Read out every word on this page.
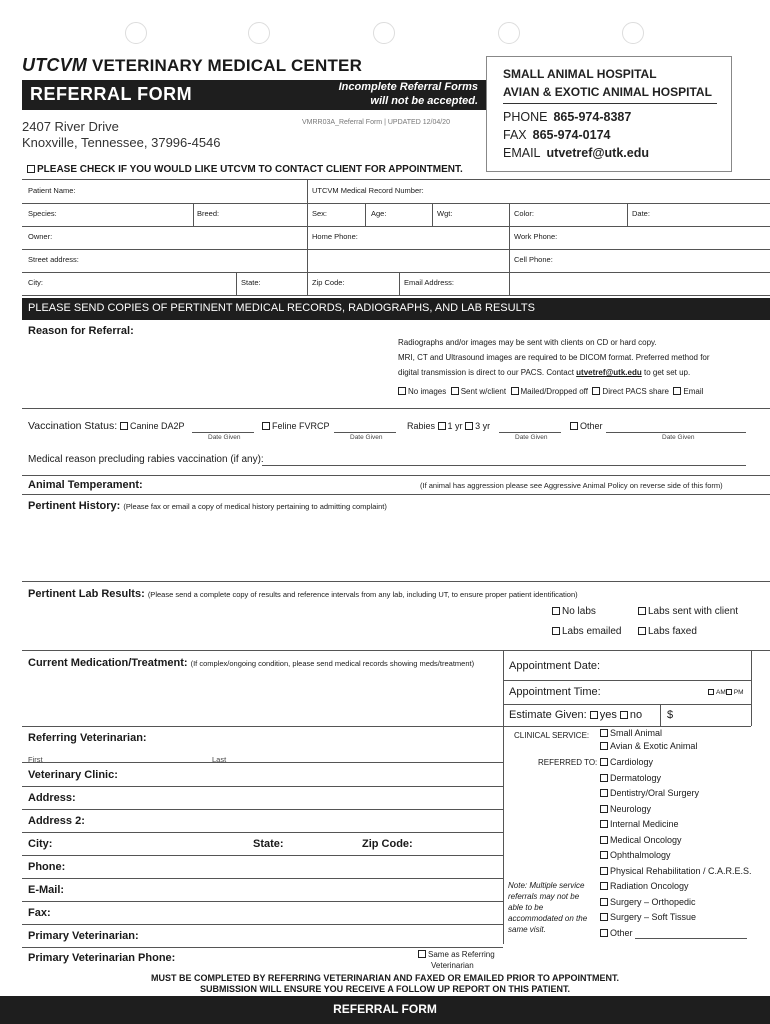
UTCVM VETERINARY MEDICAL CENTER
REFERRAL FORM	Incomplete Referral Forms
will not be accepted.
2407 River Drive
Knoxville, Tennessee, 37996-4546
VMRR03A_Referral Form | UPDATED 12/04/20
SMALL ANIMAL HOSPITAL
AVIAN & EXOTIC ANIMAL HOSPITAL
PHONE 865-974-8387
FAX 865-974-0174
EMAIL utvetref@utk.edu
PLEASE CHECK IF YOU WOULD LIKE UTCVM TO CONTACT CLIENT FOR APPOINTMENT.
Patient Name:	UTCVM Medical Record Number:
Species:	Breed:	Sex:	Age:	Wgt:	Color:	Date:
Owner:	Home Phone:	Work Phone:
Street address:	Cell Phone:
City:	State:	Zip Code:	Email Address:
PLEASE SEND COPIES OF PERTINENT MEDICAL RECORDS, RADIOGRAPHS, AND LAB RESULTS
Reason for Referral:
Radiographs and/or images may be sent with clients on CD or hard copy.
MRI, CT and Ultrasound images are required to be DICOM format. Preferred method for
digital transmission is direct to our PACS. Contact utvetref@utk.edu to get set up.
No images Sent w/client Mailed/Dropped off Direct PACS share Email
Vaccination Status:	Canine DA2P	Feline FVRCP	Rabies 1 yr 3 yr	Other
Date Given	Date Given	Date Given	Date Given
Medical reason precluding rabies vaccination (if any):
Animal Temperament:	(If animal has aggression please see Aggressive Animal Policy on reverse side of this form)
Pertinent History: (Please fax or email a copy of medical history pertaining to admitting complaint)
Pertinent Lab Results: (Please send a complete copy of results and reference intervals from any lab, including UT, to ensure proper patient identification)
No labs	Labs sent with client
Labs emailed	Labs faxed
Current Medication/Treatment: (If complex/ongoing condition, please send medical records showing meds/treatment)	Appointment Date:
Appointment Time:	AM PM
Estimate Given: yes no $
Referring Veterinarian:
First	Last
Veterinary Clinic:
Address:
Address 2:
City:	State:	Zip Code:
Phone:
E-Mail:
Fax:
Primary Veterinarian:
Primary Veterinarian Phone:	Same as Referring
Veterinarian
CLINICAL SERVICE:	Small Animal
Avian & Exotic Animal
REFERRED TO:	Cardiology
Dermatology
Dentistry/Oral Surgery
Neurology
Internal Medicine
Medical Oncology
Ophthalmology
Physical Rehabilitation / C.A.R.E.S.
Radiation Oncology
Surgery – Orthopedic
Surgery – Soft Tissue
Other
Note: Multiple service referrals may not be able to be accommodated on the same visit.
MUST BE COMPLETED BY REFERRING VETERINARIAN AND FAXED OR EMAILED PRIOR TO APPOINTMENT.
SUBMISSION WILL ENSURE YOU RECEIVE A FOLLOW UP REPORT ON THIS PATIENT.
REFERRAL FORM
